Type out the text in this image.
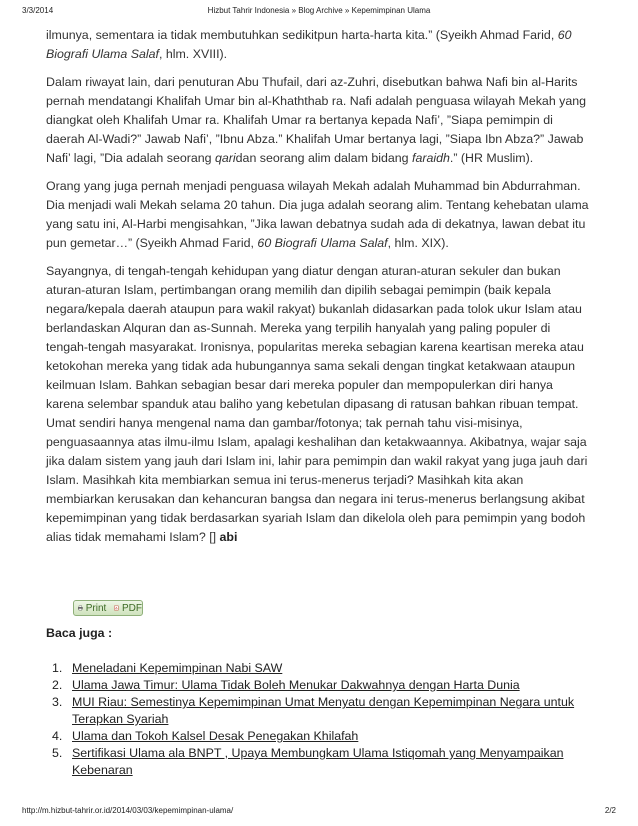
3/3/2014	Hizbut Tahrir Indonesia » Blog Archive » Kepemimpinan Ulama

ilmunya, sementara ia tidak membutuhkan sedikitpun harta-harta kita.” (Syeikh Ahmad Farid, 60 Biografi Ulama Salaf, hlm. XVIII).

Dalam riwayat lain, dari penuturan Abu Thufail, dari az-Zuhri, disebutkan bahwa Nafi bin al-Harits pernah mendatangi Khalifah Umar bin al-Khaththab ra. Nafi adalah penguasa wilayah Mekah yang diangkat oleh Khalifah Umar ra. Khalifah Umar ra bertanya kepada Nafi’, ”Siapa pemimpin di daerah Al-Wadi?” Jawab Nafi’, ”Ibnu Abza.” Khalifah Umar bertanya lagi, ”Siapa Ibn Abza?” Jawab Nafi’ lagi, ”Dia adalah seorang qaridan seorang alim dalam bidang faraidh.” (HR Muslim).

Orang yang juga pernah menjadi penguasa wilayah Mekah adalah Muhammad bin Abdurrahman. Dia menjadi wali Mekah selama 20 tahun. Dia juga adalah seorang alim. Tentang kehebatan ulama yang satu ini, Al-Harbi mengisahkan, ”Jika lawan debatnya sudah ada di dekatnya, lawan debat itu pun gemetar…” (Syeikh Ahmad Farid, 60 Biografi Ulama Salaf, hlm. XIX).

Sayangnya, di tengah-tengah kehidupan yang diatur dengan aturan-aturan sekuler dan bukan aturan-aturan Islam, pertimbangan orang memilih dan dipilih sebagai pemimpin (baik kepala negara/kepala daerah ataupun para wakil rakyat) bukanlah didasarkan pada tolok ukur Islam atau berlandaskan Alquran dan as-Sunnah. Mereka yang terpilih hanyalah yang paling populer di tengah-tengah masyarakat. Ironisnya, popularitas mereka sebagian karena keartisan mereka atau ketokohan mereka yang tidak ada hubungannya sama sekali dengan tingkat ketakwaan ataupun keilmuan Islam. Bahkan sebagian besar dari mereka populer dan mempopulerkan diri hanya karena selembar spanduk atau baliho yang kebetulan dipasang di ratusan bahkan ribuan tempat. Umat sendiri hanya mengenal nama dan gambar/fotonya; tak pernah tahu visi-misinya, penguasaannya atas ilmu-ilmu Islam, apalagi keshalihan dan ketakwaannya. Akibatnya, wajar saja jika dalam sistem yang jauh dari Islam ini, lahir para pemimpin dan wakil rakyat yang juga jauh dari Islam. Masihkah kita membiarkan semua ini terus-menerus terjadi? Masihkah kita akan membiarkan kerusakan dan kehancuran bangsa dan negara ini terus-menerus berlangsung akibat kepemimpinan yang tidak berdasarkan syariah Islam dan dikelola oleh para pemimpin yang bodoh alias tidak memahami Islam? [] abi

Print PDF
Baca juga :
1. Meneladani Kepemimpinan Nabi SAW
2. Ulama Jawa Timur: Ulama Tidak Boleh Menukar Dakwahnya dengan Harta Dunia
3. MUI Riau: Semestinya Kepemimpinan Umat Menyatu dengan Kepemimpinan Negara untuk Terapkan Syariah
4. Ulama dan Tokoh Kalsel Desak Penegakan Khilafah
5. Sertifikasi Ulama ala BNPT , Upaya Membungkam Ulama Istiqomah yang Menyampaikan Kebenaran
http://m.hizbut-tahrir.or.id/2014/03/03/kepemimpinan-ulama/	2/2
